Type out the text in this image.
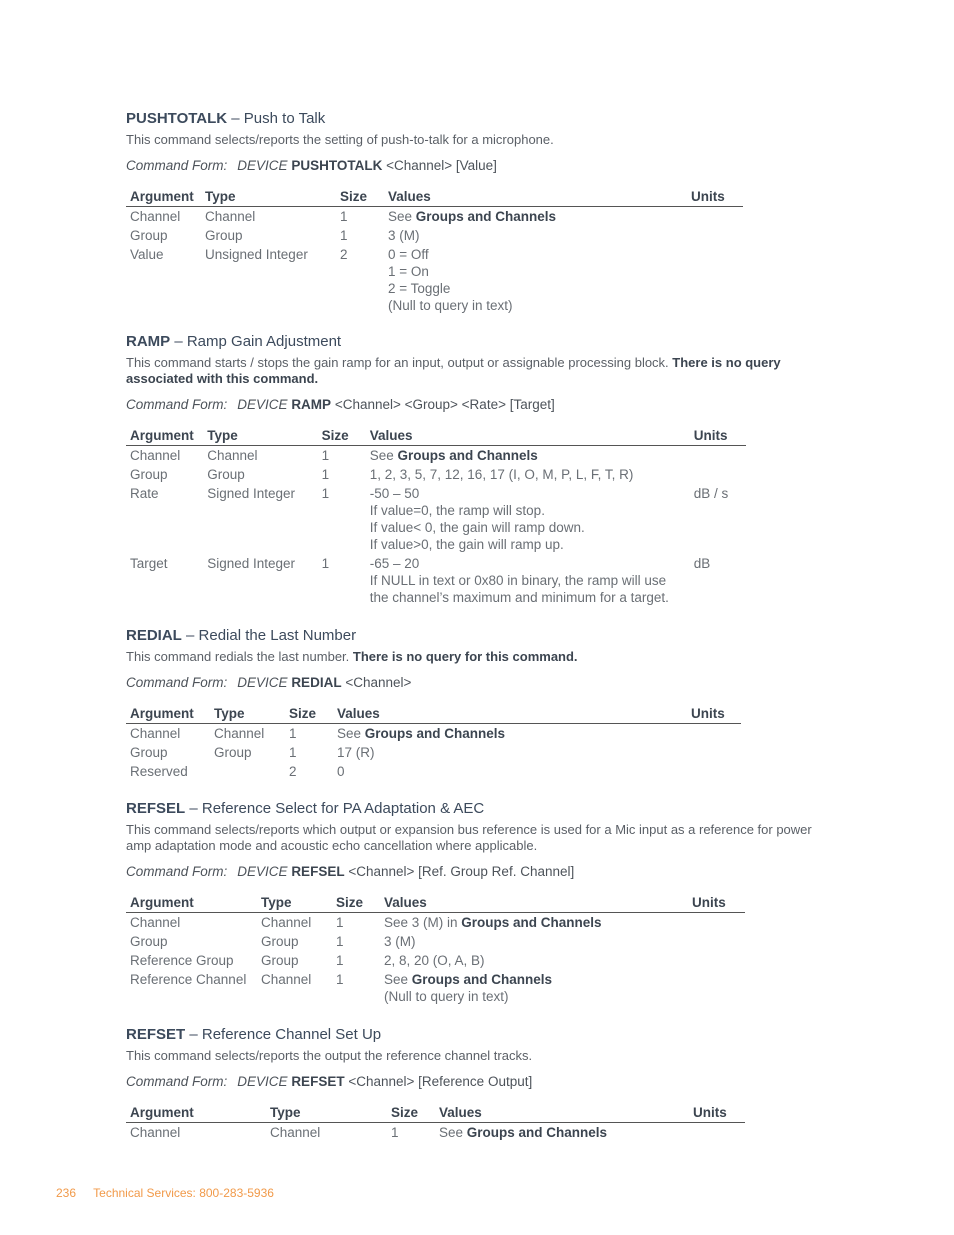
PUSHTOTALK – Push to Talk

This command selects/reports the setting of push-to-talk for a microphone.

Command Form: DEVICE PUSHTOTALK <Channel> [Value]

Argument	Type	Size	Values	Units
Channel	Channel	1	See Groups and Channels	

Group	Group	1	3 (M)	

Value	Unsigned Integer	2	0 = Off
1 = On
2 = Toggle
(Null to query in text)	

RAMP – Ramp Gain Adjustment

This command starts / stops the gain ramp for an input, output or assignable processing block. There is no query associated with this command.

Command Form: DEVICE RAMP <Channel> <Group> <Rate> [Target]

Argument	Type	Size	Values	Units
Channel	Channel	1	See Groups and Channels	

Group	Group	1	1, 2, 3, 5, 7, 12, 16, 17 (I, O, M, P, L, F, T, R)	

Rate	Signed Integer	1	-50 – 50
If value=0, the ramp will stop.
If value< 0, the gain will ramp down.
If value>0, the gain will ramp up.	dB / s
Target	Signed Integer	1	-65 – 20
If NULL in text or 0x80 in binary, the ramp will use
the channel’s maximum and minimum for a target.	dB

REDIAL – Redial the Last Number

This command redials the last number. There is no query for this command.

Command Form: DEVICE REDIAL <Channel>

Argument	Type	Size	Values	Units
Channel	Channel	1	See Groups and Channels	

Group	Group	1	17 (R)	

Reserved		2	0	

REFSEL – Reference Select for PA Adaptation & AEC

This command selects/reports which output or expansion bus reference is used for a Mic input as a reference for power amp adaptation mode and acoustic echo cancellation where applicable.

Command Form: DEVICE REFSEL <Channel> [Ref. Group Ref. Channel]

Argument	Type	Size	Values	Units
Channel	Channel	1	See 3 (M) in Groups and Channels	

Group	Group	1	3 (M)	

Reference Group	Group	1	2, 8, 20 (O, A, B)	

Reference Channel	Channel	1	See Groups and Channels
(Null to query in text)	

REFSET – Reference Channel Set Up

This command selects/reports the output the reference channel tracks.

Command Form: DEVICE REFSET <Channel> [Reference Output]

Argument	Type	Size	Values	Units
Channel	Channel	1	See Groups and Channels	

236 Technical Services: 800-283-5936
